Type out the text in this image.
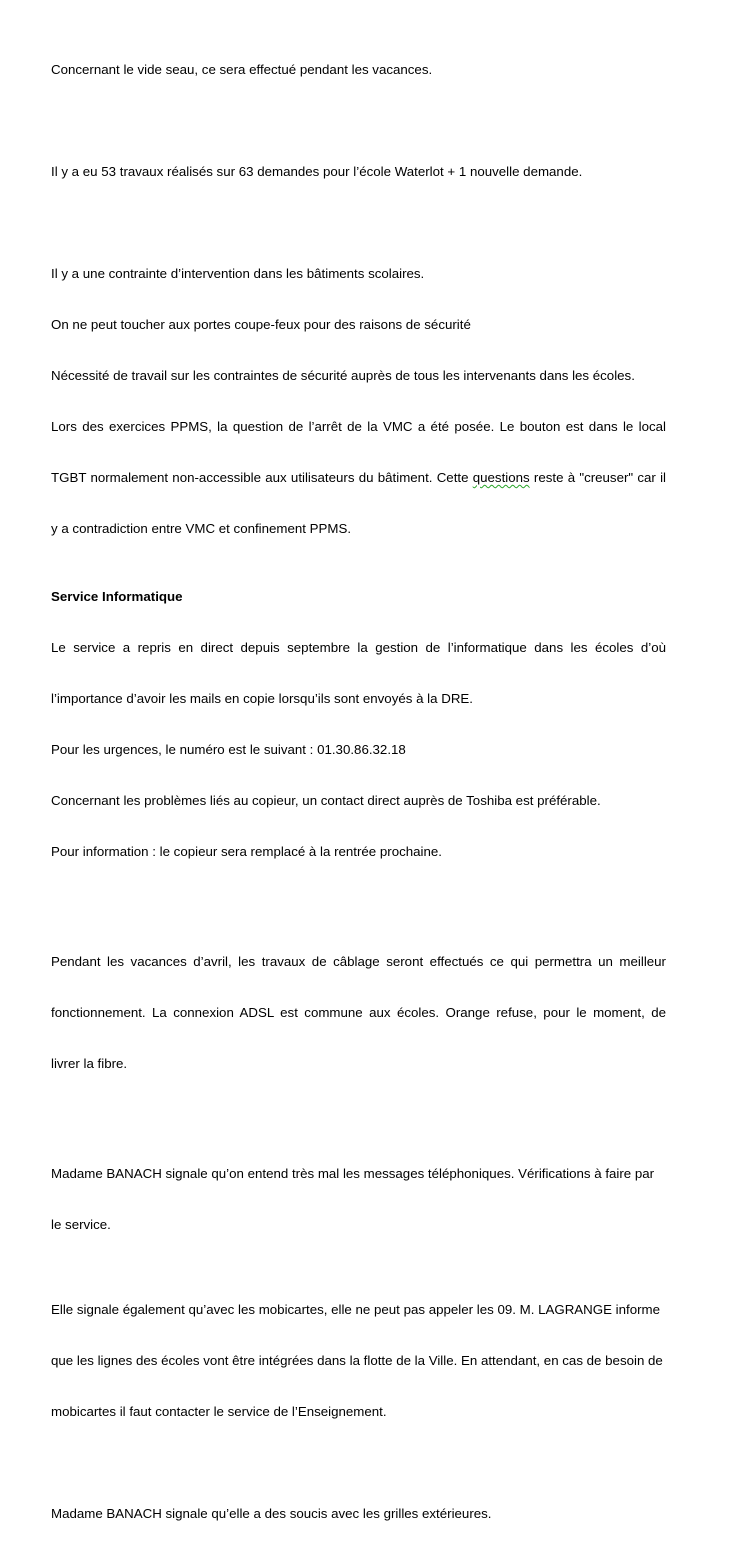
Concernant le vide seau, ce sera effectué pendant les vacances.

Il y a eu 53 travaux réalisés sur 63 demandes pour l’école Waterlot + 1 nouvelle demande.

Il y a une contrainte d’intervention dans les bâtiments scolaires.

On ne peut toucher aux portes coupe-feux pour des raisons de sécurité

Nécessité de travail sur les contraintes de sécurité auprès de tous les intervenants dans les écoles.

Lors des exercices PPMS, la question de l’arrêt de la VMC a été posée. Le bouton est dans le local

TGBT normalement non-accessible aux utilisateurs du bâtiment. Cette questions reste à "creuser" car il

y a contradiction entre VMC et confinement PPMS.

Service Informatique

Le service a repris en direct depuis septembre la gestion de l’informatique dans les écoles d’où

l’importance d’avoir les mails en copie lorsqu’ils sont envoyés à la DRE.

Pour les urgences, le numéro est le suivant : 01.30.86.32.18

Concernant les problèmes liés au copieur, un contact direct auprès de Toshiba est préférable.

Pour information : le copieur sera remplacé à la rentrée prochaine.

Pendant les vacances d’avril, les travaux de câblage seront effectués ce qui permettra un meilleur

fonctionnement. La connexion ADSL est commune aux écoles. Orange refuse, pour le moment, de

livrer la fibre.

Madame BANACH signale qu’on entend très mal les messages téléphoniques. Vérifications à faire par

le service.

Elle signale également qu’avec les mobicartes, elle ne peut pas appeler les 09. M. LAGRANGE informe

que les lignes des écoles vont être intégrées dans la flotte de la Ville. En attendant, en cas de besoin de

mobicartes il faut contacter le service de l’Enseignement.

Madame BANACH signale qu’elle a des soucis avec les grilles extérieures.
